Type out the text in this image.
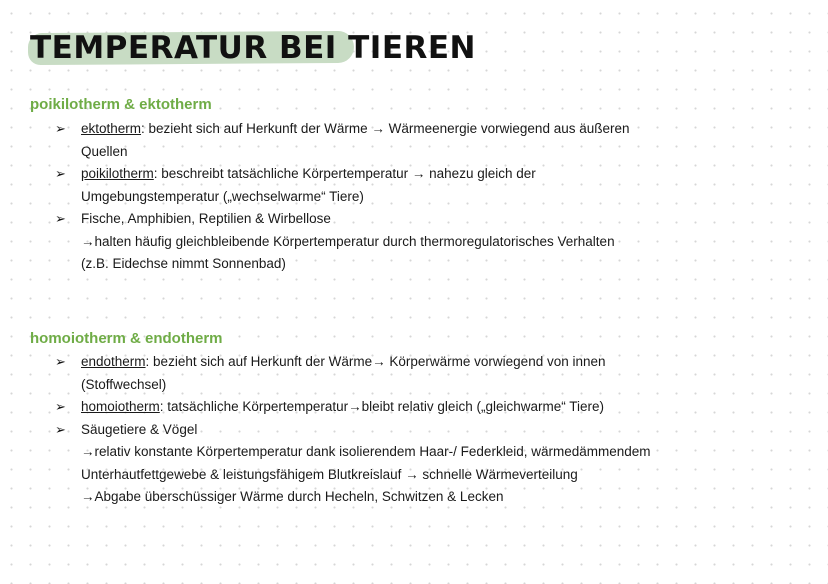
TEMPERATUR BEI TIEREN
poikilotherm & ektotherm
➢ ektotherm: bezieht sich auf Herkunft der Wärme → Wärmeenergie vorwiegend aus äußeren
Quellen
➢ poikilotherm: beschreibt tatsächliche Körpertemperatur → nahezu gleich der
Umgebungstemperatur („wechselwarme“ Tiere)
➢ Fische, Amphibien, Reptilien & Wirbellose
→halten häufig gleichbleibende Körpertemperatur durch thermoregulatorisches Verhalten
(z.B. Eidechse nimmt Sonnenbad)
homoiotherm & endotherm
➢ endotherm: bezieht sich auf Herkunft der Wärme→ Körperwärme vorwiegend von innen
(Stoffwechsel)
➢ homoiotherm: tatsächliche Körpertemperatur→bleibt relativ gleich („gleichwarme“ Tiere)
➢ Säugetiere & Vögel
→relativ konstante Körpertemperatur dank isolierendem Haar-/ Federkleid, wärmedämmendem
Unterhautfettgewebe & leistungsfähigem Blutkreislauf → schnelle Wärmeverteilung
→Abgabe überschüssiger Wärme durch Hecheln, Schwitzen & Lecken
